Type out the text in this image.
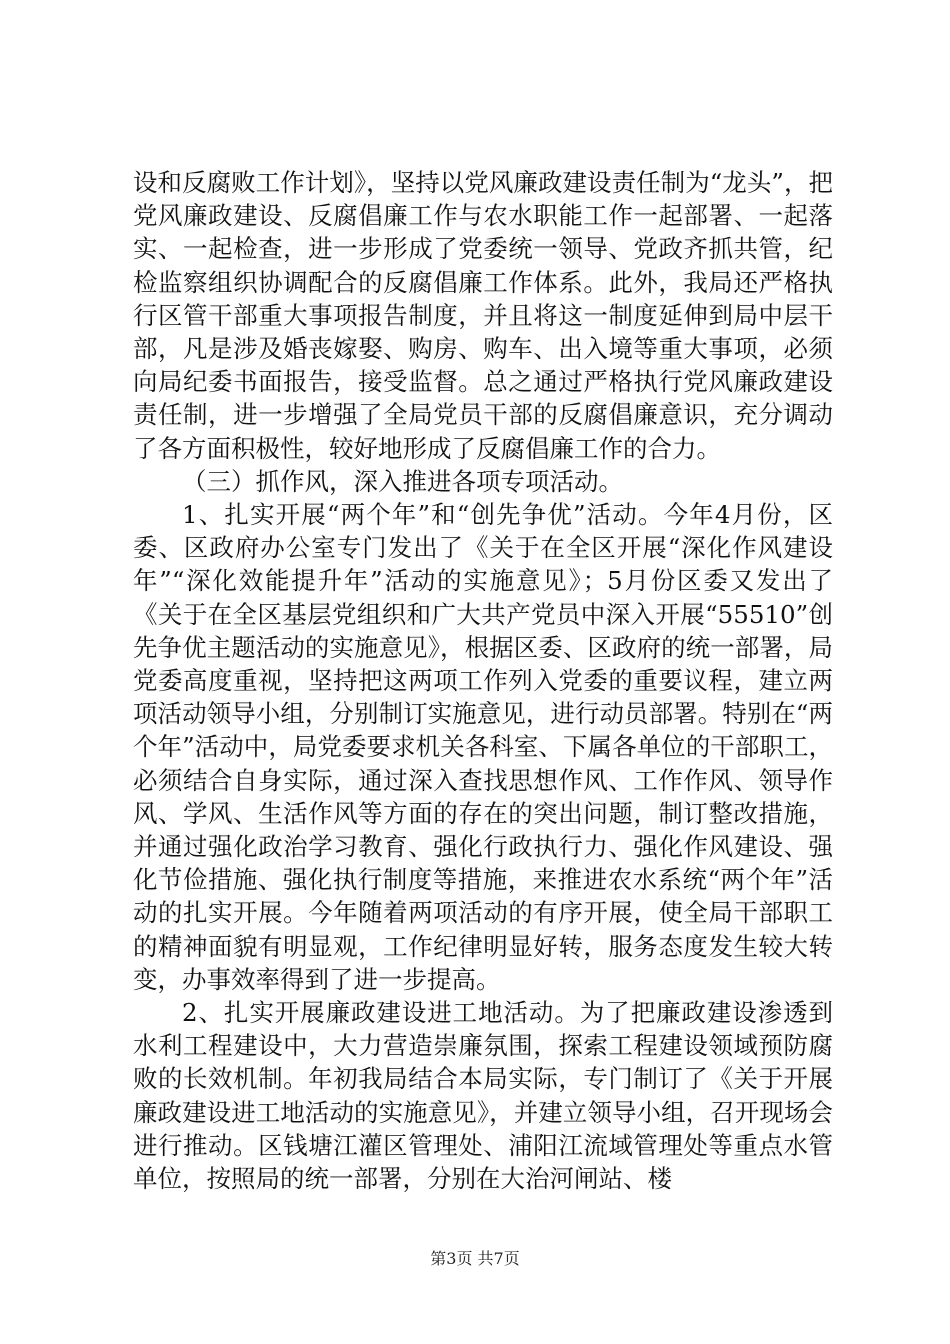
设和反腐败工作计划》，坚持以党风廉政建设责任制为“龙头”，把党风廉政建设、反腐倡廉工作与农水职能工作一起部署、一起落实、一起检查，进一步形成了党委统一领导、党政齐抓共管，纪检监察组织协调配合的反腐倡廉工作体系。此外，我局还严格执行区管干部重大事项报告制度，并且将这一制度延伸到局中层干部，凡是涉及婚丧嫁娶、购房、购车、出入境等重大事项，必须向局纪委书面报告，接受监督。总之通过严格执行党风廉政建设责任制，进一步增强了全局党员干部的反腐倡廉意识，充分调动了各方面积极性，较好地形成了反腐倡廉工作的合力。

（三）抓作风，深入推进各项专项活动。

1、扎实开展“两个年”和“创先争优”活动。今年4月份，区委、区政府办公室专门发出了《关于在全区开展“深化作风建设年”“深化效能提升年”活动的实施意见》；5月份区委又发出了《关于在全区基层党组织和广大共产党员中深入开展“55510”创先争优主题活动的实施意见》，根据区委、区政府的统一部署，局党委高度重视，坚持把这两项工作列入党委的重要议程，建立两项活动领导小组，分别制订实施意见，进行动员部署。特别在“两个年”活动中，局党委要求机关各科室、下属各单位的干部职工，必须结合自身实际，通过深入查找思想作风、工作作风、领导作风、学风、生活作风等方面的存在的突出问题，制订整改措施，并通过强化政治学习教育、强化行政执行力、强化作风建设、强化节俭措施、强化执行制度等措施，来推进农水系统“两个年”活动的扎实开展。今年随着两项活动的有序开展，使全局干部职工的精神面貌有明显观，工作纪律明显好转，服务态度发生较大转变，办事效率得到了进一步提高。

2、扎实开展廉政建设进工地活动。为了把廉政建设渗透到水利工程建设中，大力营造崇廉氛围，探索工程建设领域预防腐败的长效机制。年初我局结合本局实际，专门制订了《关于开展廉政建设进工地活动的实施意见》，并建立领导小组，召开现场会进行推动。区钱塘江灌区管理处、浦阳江流域管理处等重点水管单位，按照局的统一部署，分别在大治河闸站、楼

第3页 共7页
